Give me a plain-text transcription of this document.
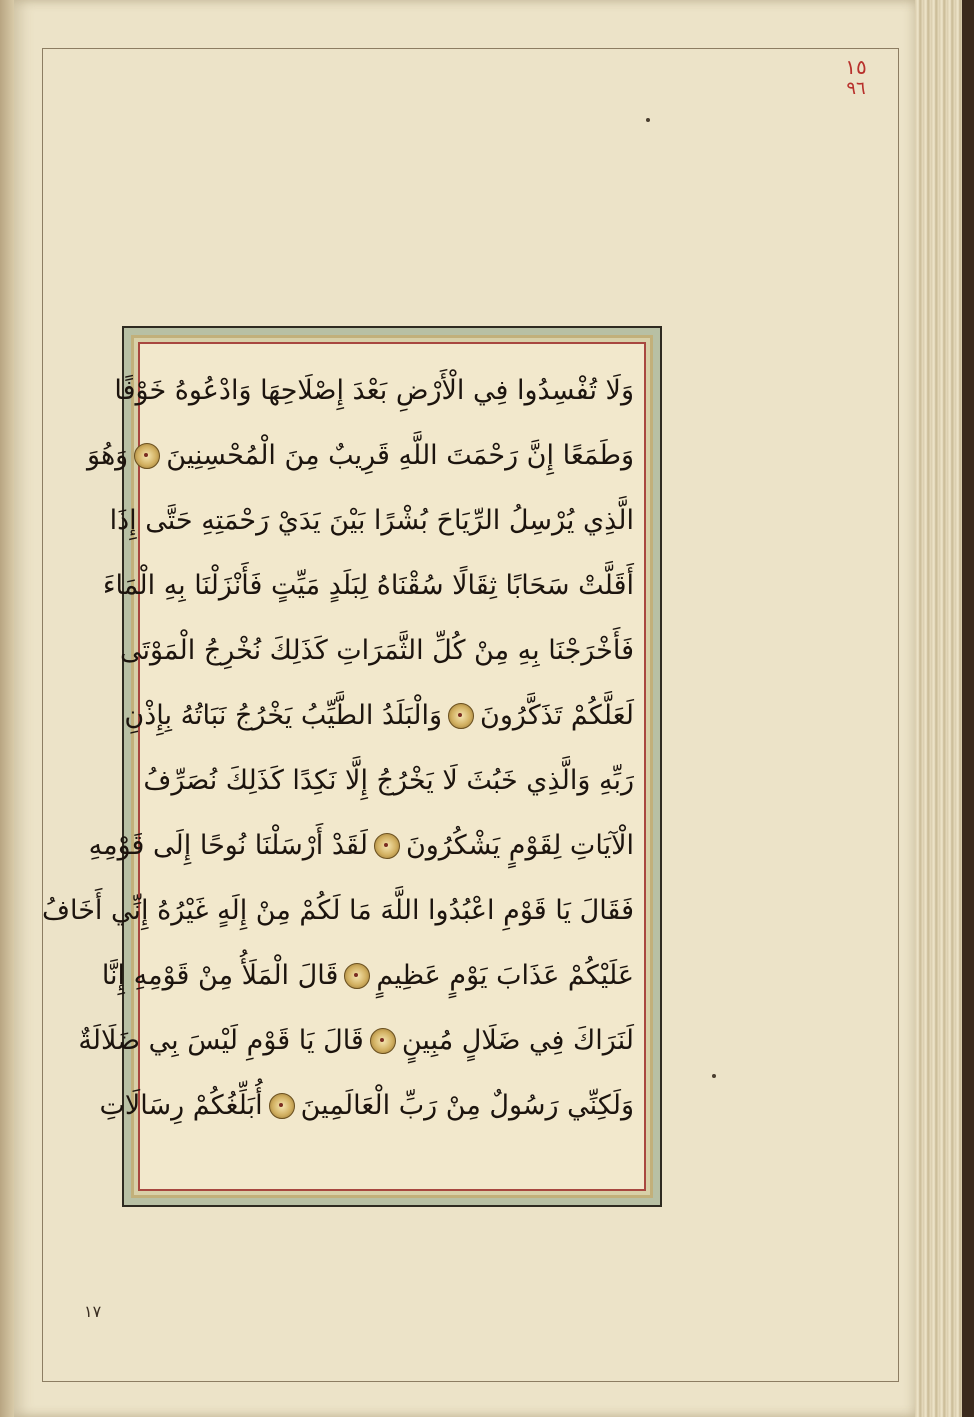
١٥
٩٦
وَلَا تُفْسِدُوا فِي الْأَرْضِ بَعْدَ إِصْلَاحِهَا وَادْعُوهُ خَوْفًا
وَطَمَعًا إِنَّ رَحْمَتَ اللَّهِ قَرِيبٌ مِنَ الْمُحْسِنِينَ
وَهُوَ
الَّذِي يُرْسِلُ الرِّيَاحَ بُشْرًا بَيْنَ يَدَيْ رَحْمَتِهِ حَتَّى إِذَا
أَقَلَّتْ سَحَابًا ثِقَالًا سُقْنَاهُ لِبَلَدٍ مَيِّتٍ فَأَنْزَلْنَا بِهِ الْمَاءَ
فَأَخْرَجْنَا بِهِ مِنْ كُلِّ الثَّمَرَاتِ كَذَلِكَ نُخْرِجُ الْمَوْتَى
لَعَلَّكُمْ تَذَكَّرُونَ
وَالْبَلَدُ الطَّيِّبُ يَخْرُجُ نَبَاتُهُ بِإِذْنِ
رَبِّهِ وَالَّذِي خَبُثَ لَا يَخْرُجُ إِلَّا نَكِدًا كَذَلِكَ نُصَرِّفُ
الْآيَاتِ لِقَوْمٍ يَشْكُرُونَ
لَقَدْ أَرْسَلْنَا نُوحًا إِلَى قَوْمِهِ
فَقَالَ يَا قَوْمِ اعْبُدُوا اللَّهَ مَا لَكُمْ مِنْ إِلَهٍ غَيْرُهُ إِنِّي أَخَافُ
عَلَيْكُمْ عَذَابَ يَوْمٍ عَظِيمٍ
قَالَ الْمَلَأُ مِنْ قَوْمِهِ إِنَّا
لَنَرَاكَ فِي ضَلَالٍ مُبِينٍ
قَالَ يَا قَوْمِ لَيْسَ بِي ضَلَالَةٌ
وَلَكِنِّي رَسُولٌ مِنْ رَبِّ الْعَالَمِينَ
أُبَلِّغُكُمْ رِسَالَاتِ
١٧
